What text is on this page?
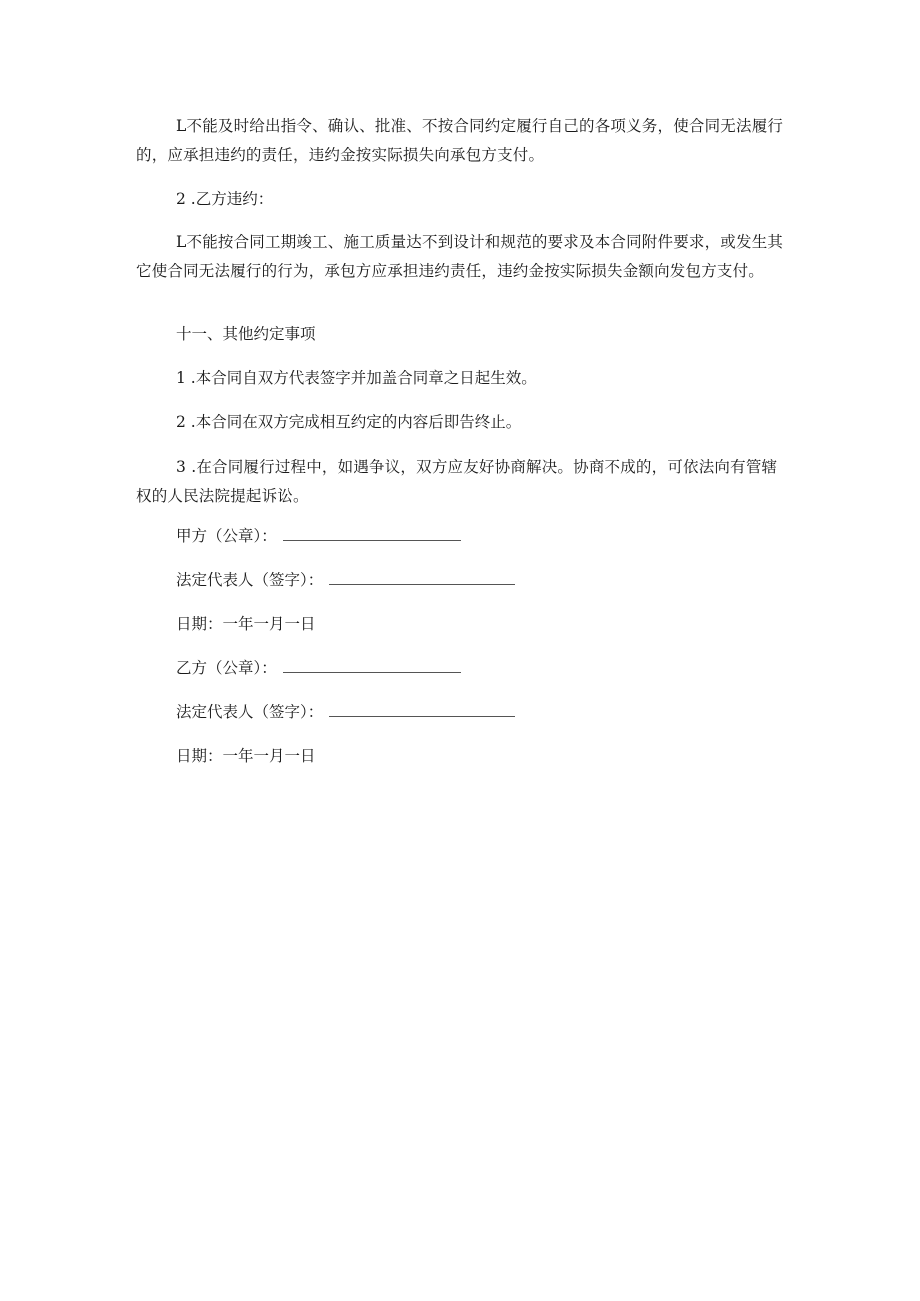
L不能及时给出指令、确认、批准、不按合同约定履行自己的各项义务，使合同无法履行的，应承担违约的责任，违约金按实际损失向承包方支付。

2 .乙方违约：

L不能按合同工期竣工、施工质量达不到设计和规范的要求及本合同附件要求，或发生其它使合同无法履行的行为，承包方应承担违约责任，违约金按实际损失金额向发包方支付。

十一、其他约定事项

1 .本合同自双方代表签字并加盖合同章之日起生效。

2 .本合同在双方完成相互约定的内容后即告终止。

3 .在合同履行过程中，如遇争议，双方应友好协商解决。协商不成的，可依法向有管辖权的人民法院提起诉讼。

甲方（公章）：

法定代表人（签字）：

日期：一年一月一日

乙方（公章）：

法定代表人（签字）：

日期：一年一月一日
